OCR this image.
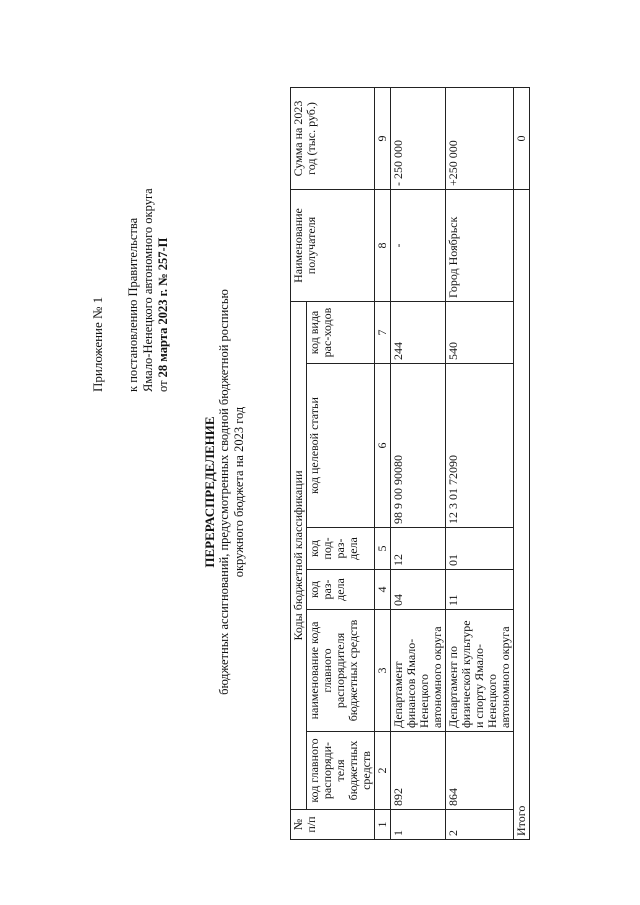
Приложение № 1 к постановлению Правительства Ямало-Ненецкого автономного округа от 28 марта 2023 г. № 257-П
ПЕРЕРАСПРЕДЕЛЕНИЕ бюджетных ассигнований, предусмотренных сводной бюджетной росписью окружного бюджета на 2023 год
№ п/п	Коды бюджетной классификации						Наименование получателя	Сумма на 2023 год (тыс. руб.)
	код главного распоряди-теля бюджетных средств	наименование кода главного распорядителя бюджетных средств	код раз-дела	код под-раз-дела	код целевой статьи	код вида рас-ходов		
1	2	3	4	5	6	7	8	9
1	892	Департамент финансов Ямало-Ненецкого автономного округа	04	12	98 9 00 90080	244	-	- 250 000
2	864	Департамент по физической культуре и спорту Ямало-Ненецкого автономного округа	11	01	12 3 01 72090	540	Город Ноябрьск	+250 000
Итого								0
